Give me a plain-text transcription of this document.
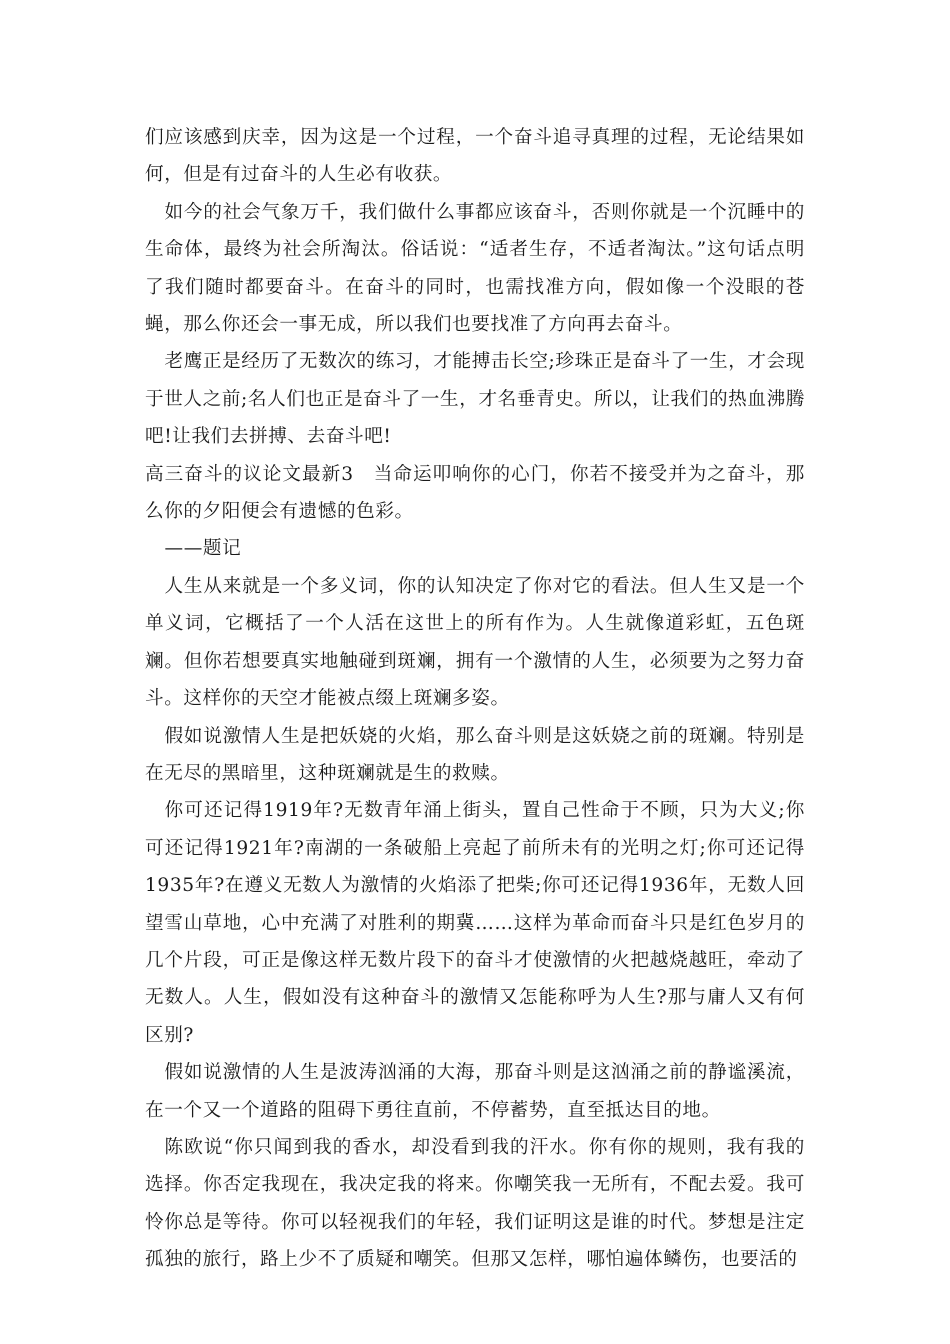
们应该感到庆幸，因为这是一个过程，一个奋斗追寻真理的过程，无论结果如何，但是有过奋斗的人生必有收获。

如今的社会气象万千，我们做什么事都应该奋斗，否则你就是一个沉睡中的生命体，最终为社会所淘汰。俗话说：“适者生存，不适者淘汰。”这句话点明了我们随时都要奋斗。在奋斗的同时，也需找准方向，假如像一个没眼的苍蝇，那么你还会一事无成，所以我们也要找准了方向再去奋斗。

老鹰正是经历了无数次的练习，才能搏击长空;珍珠正是奋斗了一生，才会现于世人之前;名人们也正是奋斗了一生，才名垂青史。所以，让我们的热血沸腾吧!让我们去拼搏、去奋斗吧!

高三奋斗的议论文最新3　当命运叩响你的心门，你若不接受并为之奋斗，那么你的夕阳便会有遗憾的色彩。

——题记

人生从来就是一个多义词，你的认知决定了你对它的看法。但人生又是一个单义词，它概括了一个人活在这世上的所有作为。人生就像道彩虹，五色斑斓。但你若想要真实地触碰到斑斓，拥有一个激情的人生，必须要为之努力奋斗。这样你的天空才能被点缀上斑斓多姿。

假如说激情人生是把妖娆的火焰，那么奋斗则是这妖娆之前的斑斓。特别是在无尽的黑暗里，这种斑斓就是生的救赎。

你可还记得1919年?无数青年涌上街头，置自己性命于不顾，只为大义;你可还记得1921年?南湖的一条破船上亮起了前所未有的光明之灯;你可还记得1935年?在遵义无数人为激情的火焰添了把柴;你可还记得1936年，无数人回望雪山草地，心中充满了对胜利的期冀……这样为革命而奋斗只是红色岁月的几个片段，可正是像这样无数片段下的奋斗才使激情的火把越烧越旺，牵动了无数人。人生，假如没有这种奋斗的激情又怎能称呼为人生?那与庸人又有何区别?

假如说激情的人生是波涛汹涌的大海，那奋斗则是这汹涌之前的静谧溪流，在一个又一个道路的阻碍下勇往直前，不停蓄势，直至抵达目的地。

陈欧说“你只闻到我的香水，却没看到我的汗水。你有你的规则，我有我的选择。你否定我现在，我决定我的将来。你嘲笑我一无所有，不配去爱。我可怜你总是等待。你可以轻视我们的年轻，我们证明这是谁的时代。梦想是注定孤独的旅行，路上少不了质疑和嘲笑。但那又怎样，哪怕遍体鳞伤，也要活的
